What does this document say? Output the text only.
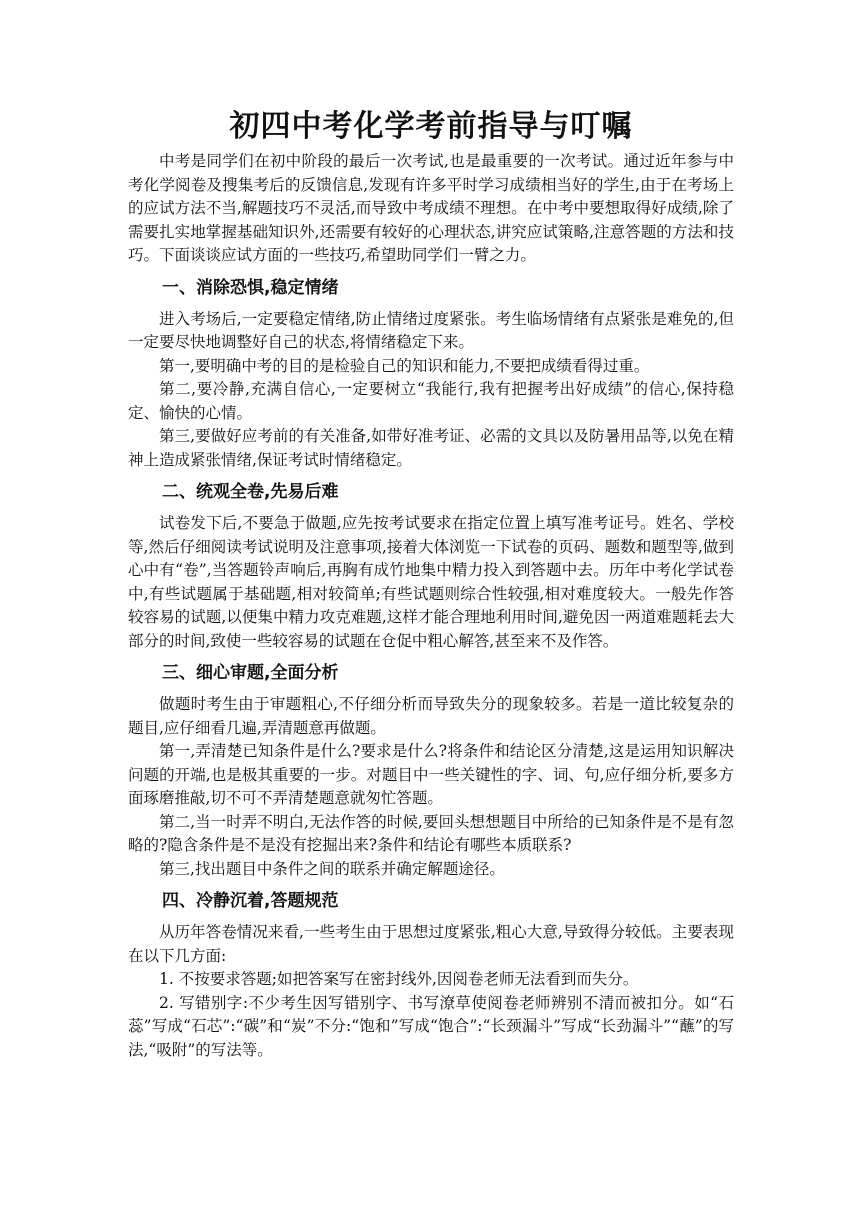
初四中考化学考前指导与叮嘱

中考是同学们在初中阶段的最后一次考试,也是最重要的一次考试。通过近年参与中考化学阅卷及搜集考后的反馈信息,发现有许多平时学习成绩相当好的学生,由于在考场上的应试方法不当,解题技巧不灵活,而导致中考成绩不理想。在中考中要想取得好成绩,除了需要扎实地掌握基础知识外,还需要有较好的心理状态,讲究应试策略,注意答题的方法和技巧。下面谈谈应试方面的一些技巧,希望助同学们一臂之力。

一、消除恐惧,稳定情绪

进入考场后,一定要稳定情绪,防止情绪过度紧张。考生临场情绪有点紧张是难免的,但一定要尽快地调整好自己的状态,将情绪稳定下来。

第一,要明确中考的目的是检验自己的知识和能力,不要把成绩看得过重。

第二,要冷静,充满自信心,一定要树立“我能行,我有把握考出好成绩”的信心,保持稳定、愉快的心情。

第三,要做好应考前的有关准备,如带好准考证、必需的文具以及防暑用品等,以免在精神上造成紧张情绪,保证考试时情绪稳定。

二、统观全卷,先易后难

试卷发下后,不要急于做题,应先按考试要求在指定位置上填写准考证号。姓名、学校等,然后仔细阅读考试说明及注意事项,接着大体浏览一下试卷的页码、题数和题型等,做到心中有“卷”,当答题铃声响后,再胸有成竹地集中精力投入到答题中去。历年中考化学试卷中,有些试题属于基础题,相对较简单;有些试题则综合性较强,相对难度较大。一般先作答较容易的试题,以便集中精力攻克难题,这样才能合理地利用时间,避免因一两道难题耗去大部分的时间,致使一些较容易的试题在仓促中粗心解答,甚至来不及作答。

三、细心审题,全面分析

做题时考生由于审题粗心,不仔细分析而导致失分的现象较多。若是一道比较复杂的题目,应仔细看几遍,弄清题意再做题。

第一,弄清楚已知条件是什么?要求是什么?将条件和结论区分清楚,这是运用知识解决问题的开端,也是极其重要的一步。对题目中一些关键性的字、词、句,应仔细分析,要多方面琢磨推敲,切不可不弄清楚题意就匆忙答题。

第二,当一时弄不明白,无法作答的时候,要回头想想题目中所给的已知条件是不是有忽略的?隐含条件是不是没有挖掘出来?条件和结论有哪些本质联系?

第三,找出题目中条件之间的联系并确定解题途径。

四、冷静沉着,答题规范

从历年答卷情况来看,一些考生由于思想过度紧张,粗心大意,导致得分较低。主要表现在以下几方面:

1. 不按要求答题;如把答案写在密封线外,因阅卷老师无法看到而失分。

2. 写错别字:不少考生因写错别字、书写潦草使阅卷老师辨别不清而被扣分。如“石蕊”写成“石芯”:“碳”和“炭”不分:“饱和”写成“饱合”:“长颈漏斗”写成“长劲漏斗”“蘸”的写法,“吸附”的写法等。
